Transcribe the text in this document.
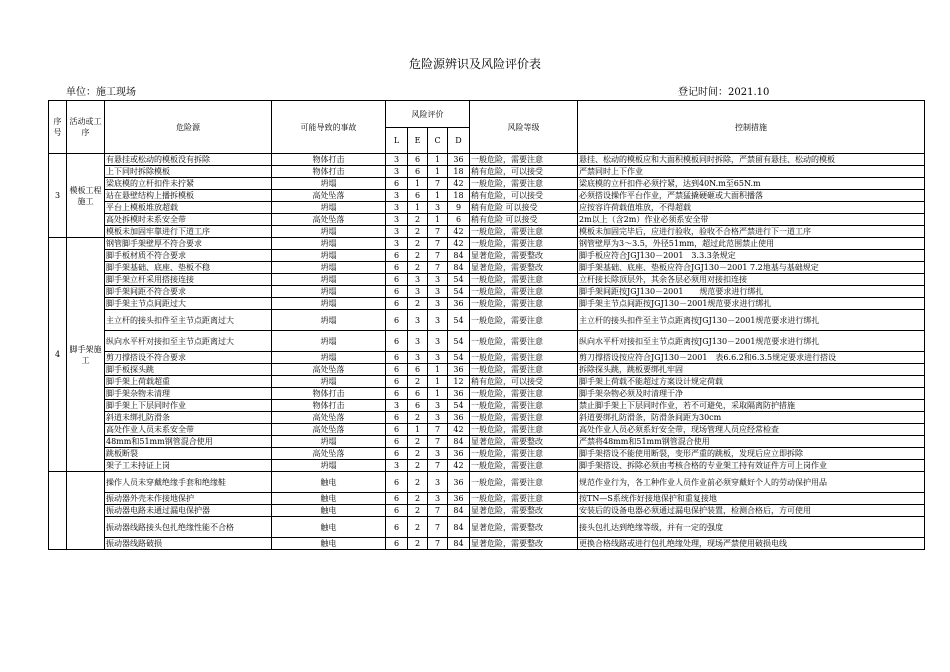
危险源辨识及风险评价表
单位：施工现场	登记时间：2021.10
序号	活动或工序	危险源	可能导致的事故	风险评价				风险等级	控制措施
				L	E	C	D		
3	模板工程施工	有悬挂或松动的模板没有拆除	物体打击	3	6	1	36	一般危险，需要注意	悬挂、松动的模板应和大面积模板同时拆除，严禁留有悬挂、松动的模板
		上下同时拆除模板	物体打击	3	6	1	18	稍有危险，可以接受	严禁同时上下作业
		梁底模的立杆扣件未拧紧	坍塌	6	1	7	42	一般危险，需要注意	梁底模的立杆扣件必须拧紧，达到40N.m至65N.m
		站在悬壁结构上播拆模板	高处坠落	3	6	1	18	稍有危险，可以接受	必须搭设操作平台作业，严禁猛撬硬砸或大面积播落
		平台上模板堆放超载	坍塌	3	1	3	9	稍有危险 可以接受	应按容许荷载值堆放，不得超载
		高处拆模时未系安全带	高处坠落	3	2	1	6	稍有危险 可以接受	2m以上（含2m）作业必须系安全带
		模板未加固牢靠进行下道工序	坍塌	3	2	7	42	一般危险，需要注意	模板未加固完毕后，应进行验收，验收不合格严禁进行下一道工序
4	脚手架施工	钢管脚手架壁厚不符合要求	坍塌	3	2	7	42	一般危险，需要注意	钢管壁厚为3～3.5，外径51mm，超过此范围禁止使用
		脚手板材质不符合要求	坍塌	6	2	7	84	显著危险，需要整改	脚手板应符合JGJ130－2001　3.3.3条规定
		脚手架基础、底座、垫板不稳	坍塌	6	2	7	84	显著危险，需要整改	脚手架基础、底座、垫板应符合JGJ130－2001 7.2地基与基础规定
		脚手架立杆采用搭接连接	坍塌	6	3	3	54	一般危险，需要注意	立杆接长除顶层外，其余各层必须用对接扣连接
		脚手架间距不符合要求	坍塌	6	3	3	54	一般危险，需要注意	脚手架间距按JGJ130－2001　　规范要求进行绑扎
		脚手架主节点间距过大	坍塌	6	2	3	36	一般危险，需要注意	脚手架主节点间距按JGJ130－2001规范要求进行绑扎
		主立杆的接头扣件至主节点距离过大	坍塌	6	3	3	54	一般危险，需要注意	主立杆的接头扣件至主节点距离按JGJ130－2001规范要求进行绑扎
		纵向水平杆对接扣至主节点距离过大	坍塌	6	3	3	54	一般危险，需要注意	纵向水平杆对接扣至主节点距离按JGJ130－2001规范要求进行绑扎
		剪刀撑搭设不符合要求	坍塌	6	3	3	54	一般危险，需要注意	剪刀撑搭设按应符合JGJ130－2001　表6.6.2和6.3.5规定要求进行搭设
		脚手板探头跳	高处坠落	6	6	1	36	一般危险，需要注意	拆除探头跳，跳板要绑扎牢固
		脚手架上荷载超重	坍塌	6	2	1	12	稍有危险，可以接受	脚手架上荷载不能超过方案设计规定荷载
		脚手架杂物未清理	物体打击	6	6	1	36	一般危险，需要注意	脚手架杂物必须及时清理干净
		脚手架上下层同时作业	物体打击	3	6	3	54	一般危险，需要注意	禁止脚手架上下层同时作业，若不可避免，采取隔离防护措施
		斜道未绑扎防滑条	高处坠落	6	2	3	36	一般危险，需要注意	斜道要绑扎防滑条，防滑条间距为30cm
		高处作业人员未系安全带	高处坠落	6	1	7	42	一般危险，需要注意	高处作业人员必须系好安全带，现场管理人员应经常检查
		48mm和51mm钢管混合使用	坍塌	6	2	7	84	显著危险，需要整改	严禁将48mm和51mm钢管混合使用
		跳板断裂	高处坠落	6	2	3	36	一般危险，需要注意	脚手架搭设不能使用断裂，变形严重的跳板，发现后应立即拆除
		架子工未持证上岗	坍塌	3	2	7	42	一般危险，需要注意	脚手架搭设、拆除必须由考核合格的专业架工持有效证件方可上岗作业
		操作人员未穿戴绝缘手套和绝缘鞋	触电	6	2	3	36	一般危险，需要注意	规范作业行为，各工种作业人员作业前必须穿戴好个人的劳动保护用品
		振动器外壳未作接地保护	触电	6	2	3	36	一般危险，需要注意	按TN—S系统作好接地保护和重复接地
		振动器电路未通过漏电保护器	触电	6	2	7	84	显著危险，需要整改	安装后的设备电器必须通过漏电保护装置，检测合格后，方可使用
		振动器线路接头包扎绝缘性能不合格	触电	6	2	7	84	显著危险，需要整改	接头包扎达到绝缘等级，并有一定的强度
		振动器线路破损	触电	6	2	7	84	显著危险，需要整改	更换合格线路或进行包扎绝缘处理，现场严禁使用破损电线
